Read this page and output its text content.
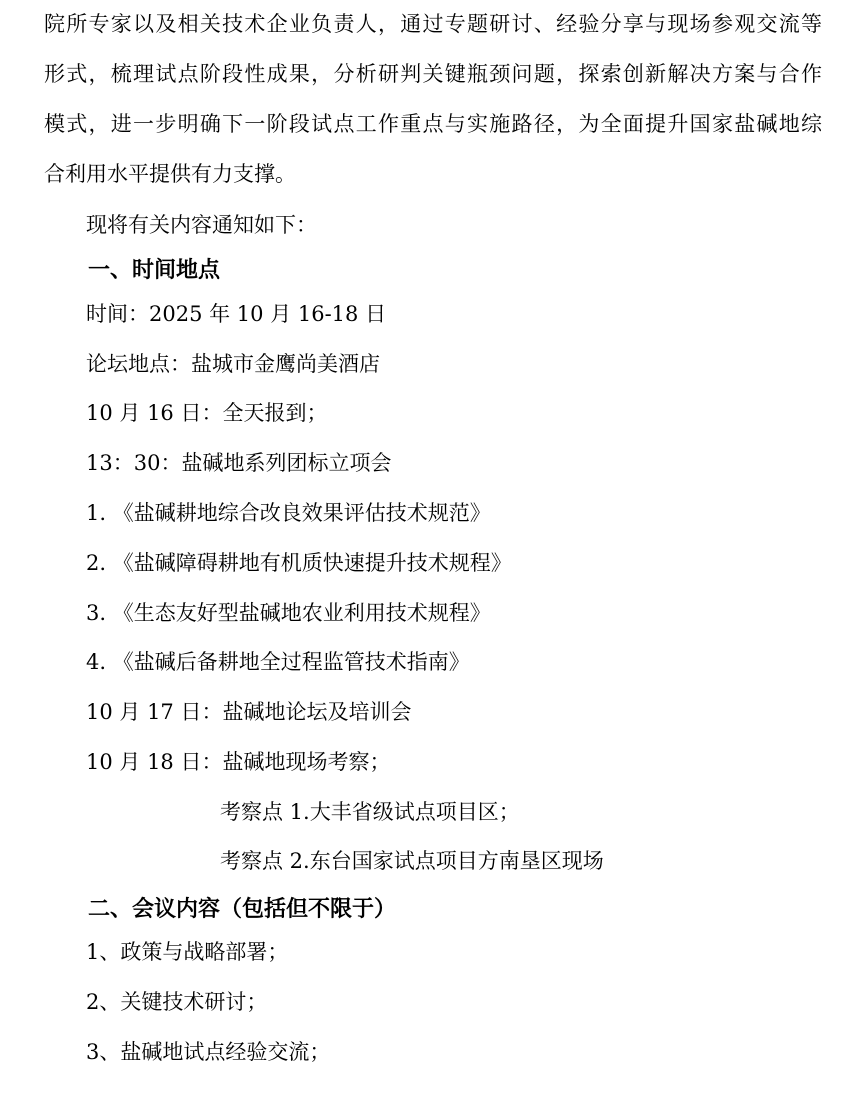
院所专家以及相关技术企业负责人，通过专题研讨、经验分享与现场参观交流等
形式，梳理试点阶段性成果，分析研判关键瓶颈问题，探索创新解决方案与合作
模式，进一步明确下一阶段试点工作重点与实施路径，为全面提升国家盐碱地综
合利用水平提供有力支撑。
现将有关内容通知如下：
一、时间地点
时间：2025 年 10 月 16-18 日
论坛地点：盐城市金鹰尚美酒店
10 月 16 日：全天报到；
13：30：盐碱地系列团标立项会
1. 《盐碱耕地综合改良效果评估技术规范》
2. 《盐碱障碍耕地有机质快速提升技术规程》
3. 《生态友好型盐碱地农业利用技术规程》
4. 《盐碱后备耕地全过程监管技术指南》
10 月 17 日：盐碱地论坛及培训会
10 月 18 日：盐碱地现场考察；
考察点 1.大丰省级试点项目区；
考察点 2.东台国家试点项目方南垦区现场
二、会议内容（包括但不限于）
1、政策与战略部署；
2、关键技术研讨；
3、盐碱地试点经验交流；
